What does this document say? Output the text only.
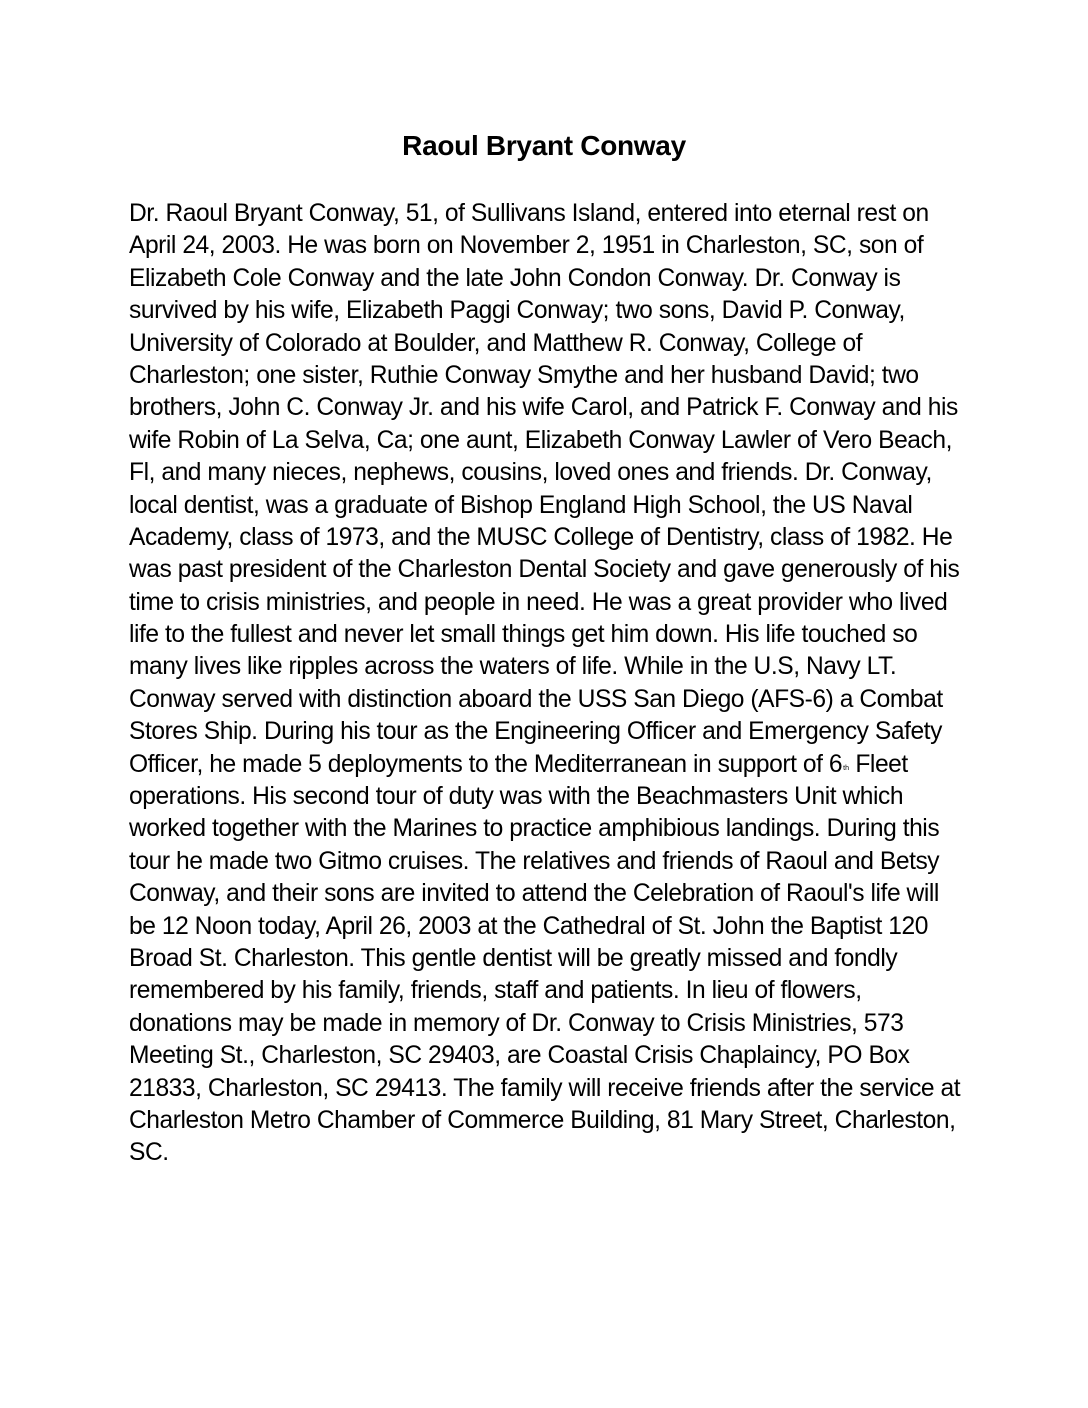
Raoul Bryant Conway
Dr. Raoul Bryant Conway, 51, of Sullivans Island, entered into eternal rest on
April 24, 2003. He was born on November 2, 1951 in Charleston, SC, son of
Elizabeth Cole Conway and the late John Condon Conway. Dr. Conway is
survived by his wife, Elizabeth Paggi Conway; two sons, David P. Conway,
University of Colorado at Boulder, and Matthew R. Conway, College of
Charleston; one sister, Ruthie Conway Smythe and her husband David; two
brothers, John C. Conway Jr. and his wife Carol, and Patrick F. Conway and his
wife Robin of La Selva, Ca; one aunt, Elizabeth Conway Lawler of Vero Beach,
Fl, and many nieces, nephews, cousins, loved ones and friends. Dr. Conway,
local dentist, was a graduate of Bishop England High School, the US Naval
Academy, class of 1973, and the MUSC College of Dentistry, class of 1982. He
was past president of the Charleston Dental Society and gave generously of his
time to crisis ministries, and people in need. He was a great provider who lived
life to the fullest and never let small things get him down. His life touched so
many lives like ripples across the waters of life. While in the U.S, Navy LT.
Conway served with distinction aboard the USS San Diego (AFS-6) a Combat
Stores Ship. During his tour as the Engineering Officer and Emergency Safety
Officer, he made 5 deployments to the Mediterranean in support of 6th Fleet
operations. His second tour of duty was with the Beachmasters Unit which
worked together with the Marines to practice amphibious landings. During this
tour he made two Gitmo cruises. The relatives and friends of Raoul and Betsy
Conway, and their sons are invited to attend the Celebration of Raoul's life will
be 12 Noon today, April 26, 2003 at the Cathedral of St. John the Baptist 120
Broad St. Charleston. This gentle dentist will be greatly missed and fondly
remembered by his family, friends, staff and patients. In lieu of flowers,
donations may be made in memory of Dr. Conway to Crisis Ministries, 573
Meeting St., Charleston, SC 29403, are Coastal Crisis Chaplaincy, PO Box
21833, Charleston, SC 29413. The family will receive friends after the service at
Charleston Metro Chamber of Commerce Building, 81 Mary Street, Charleston,
SC.
